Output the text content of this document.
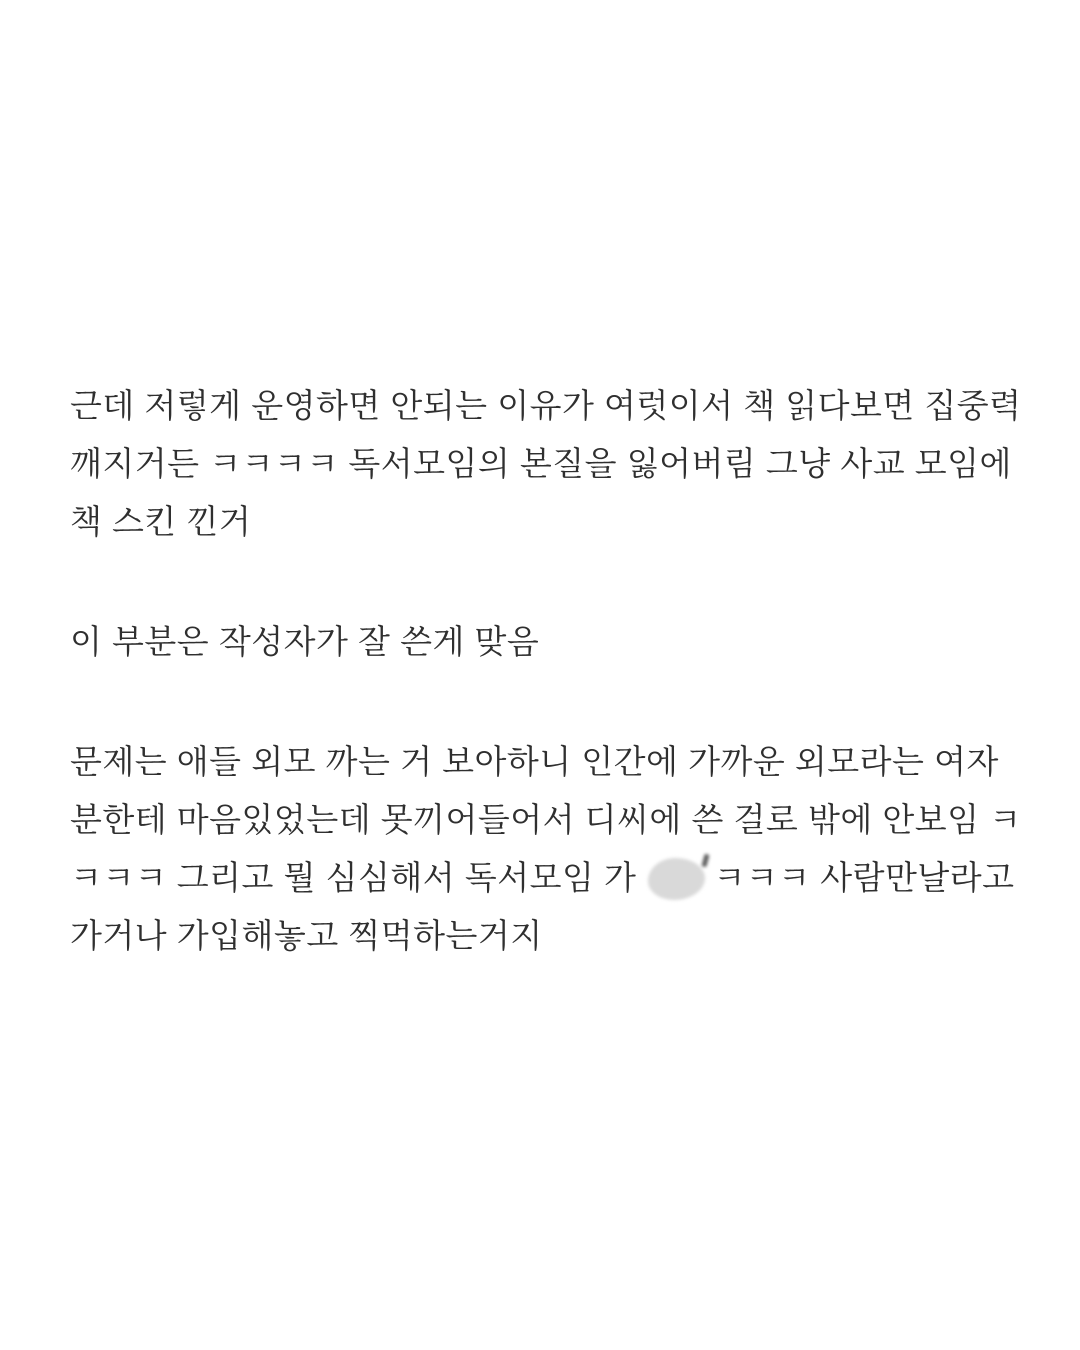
근데 저렇게 운영하면 안되는 이유가 여럿이서 책 읽다보면 집중력
깨지거든 ㅋㅋㅋㅋ 독서모임의 본질을 잃어버림 그냥 사교 모임에
책 스킨 낀거

이 부분은 작성자가 잘 쓴게 맞음

문제는 애들 외모 까는 거 보아하니 인간에 가까운 외모라는 여자
분한테 마음있었는데 못끼어들어서 디씨에 쓴 걸로 밖에 안보임 ㅋ
ㅋㅋㅋ 그리고 뭘 심심해서 독서모임 가 ㅋㅋㅋ 사람만날라고
가거나 가입해놓고 찍먹하는거지
